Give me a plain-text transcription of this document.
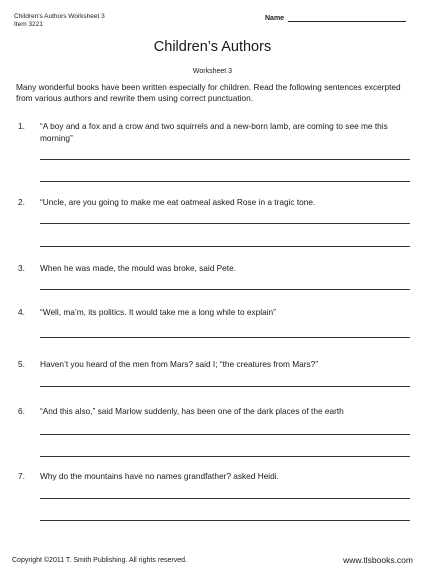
Children's Authors Worksheet 3
Item 3221
Name
Children’s Authors
Worksheet 3
Many wonderful books have been written especially for children. Read the following sentences excerpted from various authors and rewrite them using correct punctuation.
1. “A boy and a fox and a crow and two squirrels and a new-born lamb, are coming to see me this morning”
2. “Uncle, are you going to make me eat oatmeal asked Rose in a tragic tone.
3. When he was made, the mould was broke, said Pete.
4. “Well, ma’m, its politics. It would take me a long while to explain”
5. Haven’t you heard of the men from Mars? said I; “the creatures from Mars?”
6. “And this also,” said Marlow suddenly, has been one of the dark places of the earth
7. Why do the mountains have no names grandfather? asked Heidi.
Copyright ©2011 T. Smith Publishing. All rights reserved.	www.tlsbooks.com
